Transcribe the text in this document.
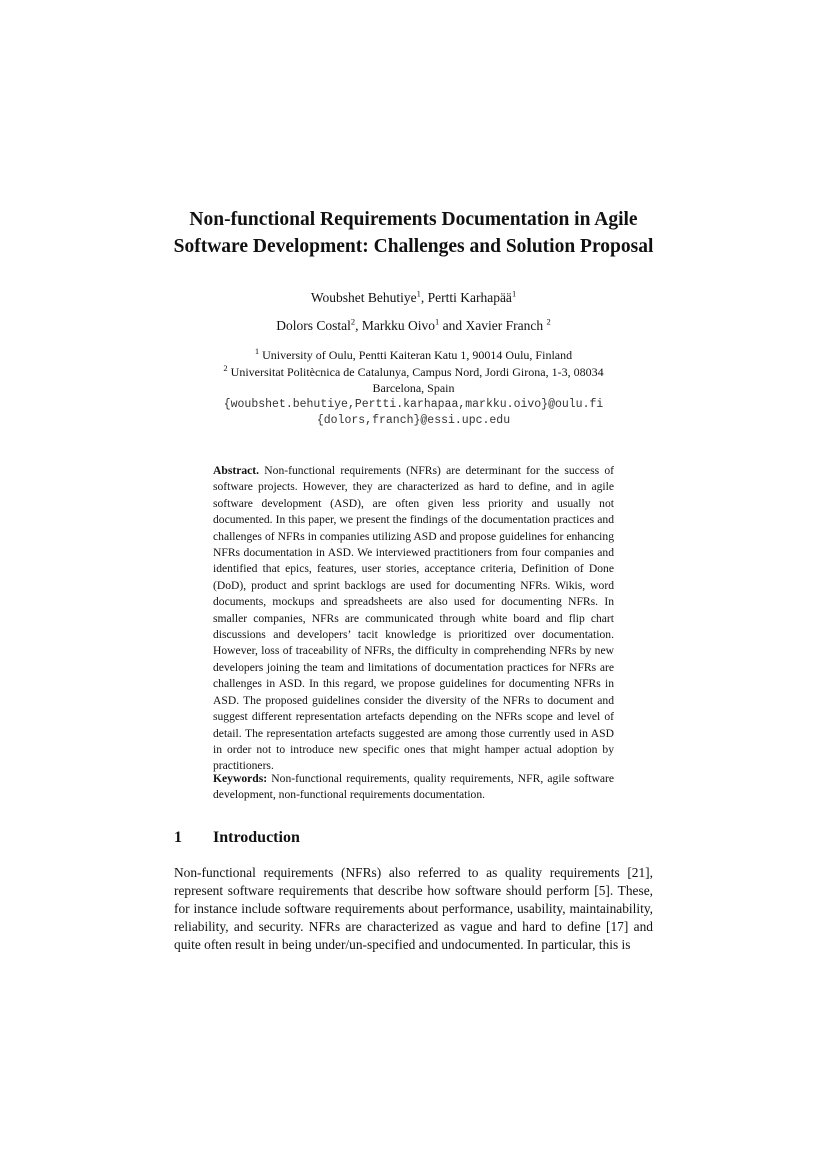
Non-functional Requirements Documentation in Agile
Software Development: Challenges and Solution Proposal
Woubshet Behutiye$^1$, Pertti Karhapää$^1$
Dolors Costal$^2$, Markku Oivo$^1$ and Xavier Franch $^2$
$^1$ University of Oulu, Pentti Kaiteran Katu 1, 90014 Oulu, Finland
$^2$ Universitat Politècnica de Catalunya, Campus Nord, Jordi Girona, 1-3, 08034
Barcelona, Spain
{woubshet.behutiye,Pertti.karhapaa,markku.oivo}@oulu.fi
{dolors,franch}@essi.upc.edu

Abstract. Non-functional requirements (NFRs) are determinant for the success of software projects. However, they are characterized as hard to define, and in agile software development (ASD), are often given less priority and usually not documented. In this paper, we present the findings of the documentation practices and challenges of NFRs in companies utilizing ASD and propose guidelines for enhancing NFRs documentation in ASD. We interviewed practitioners from four companies and identified that epics, features, user stories, acceptance criteria, Definition of Done (DoD), product and sprint backlogs are used for documenting NFRs. Wikis, word documents, mockups and spreadsheets are also used for documenting NFRs. In smaller companies, NFRs are communicated through white board and flip chart discussions and developers’ tacit knowledge is prioritized over documentation. However, loss of traceability of NFRs, the difficulty in comprehending NFRs by new developers joining the team and limitations of documentation practices for NFRs are challenges in ASD. In this regard, we propose guidelines for documenting NFRs in ASD. The proposed guidelines consider the diversity of the NFRs to document and suggest different representation artefacts depending on the NFRs scope and level of detail. The representation artefacts suggested are among those currently used in ASD in order not to introduce new specific ones that might hamper actual adoption by practitioners.

Keywords: Non-functional requirements, quality requirements, NFR, agile software development, non-functional requirements documentation.

1 Introduction

Non-functional requirements (NFRs) also referred to as quality requirements [21], represent software requirements that describe how software should perform [5]. These, for instance include software requirements about performance, usability, maintainability, reliability, and security. NFRs are characterized as vague and hard to define [17] and quite often result in being under/un-specified and undocumented. In particular, this is
